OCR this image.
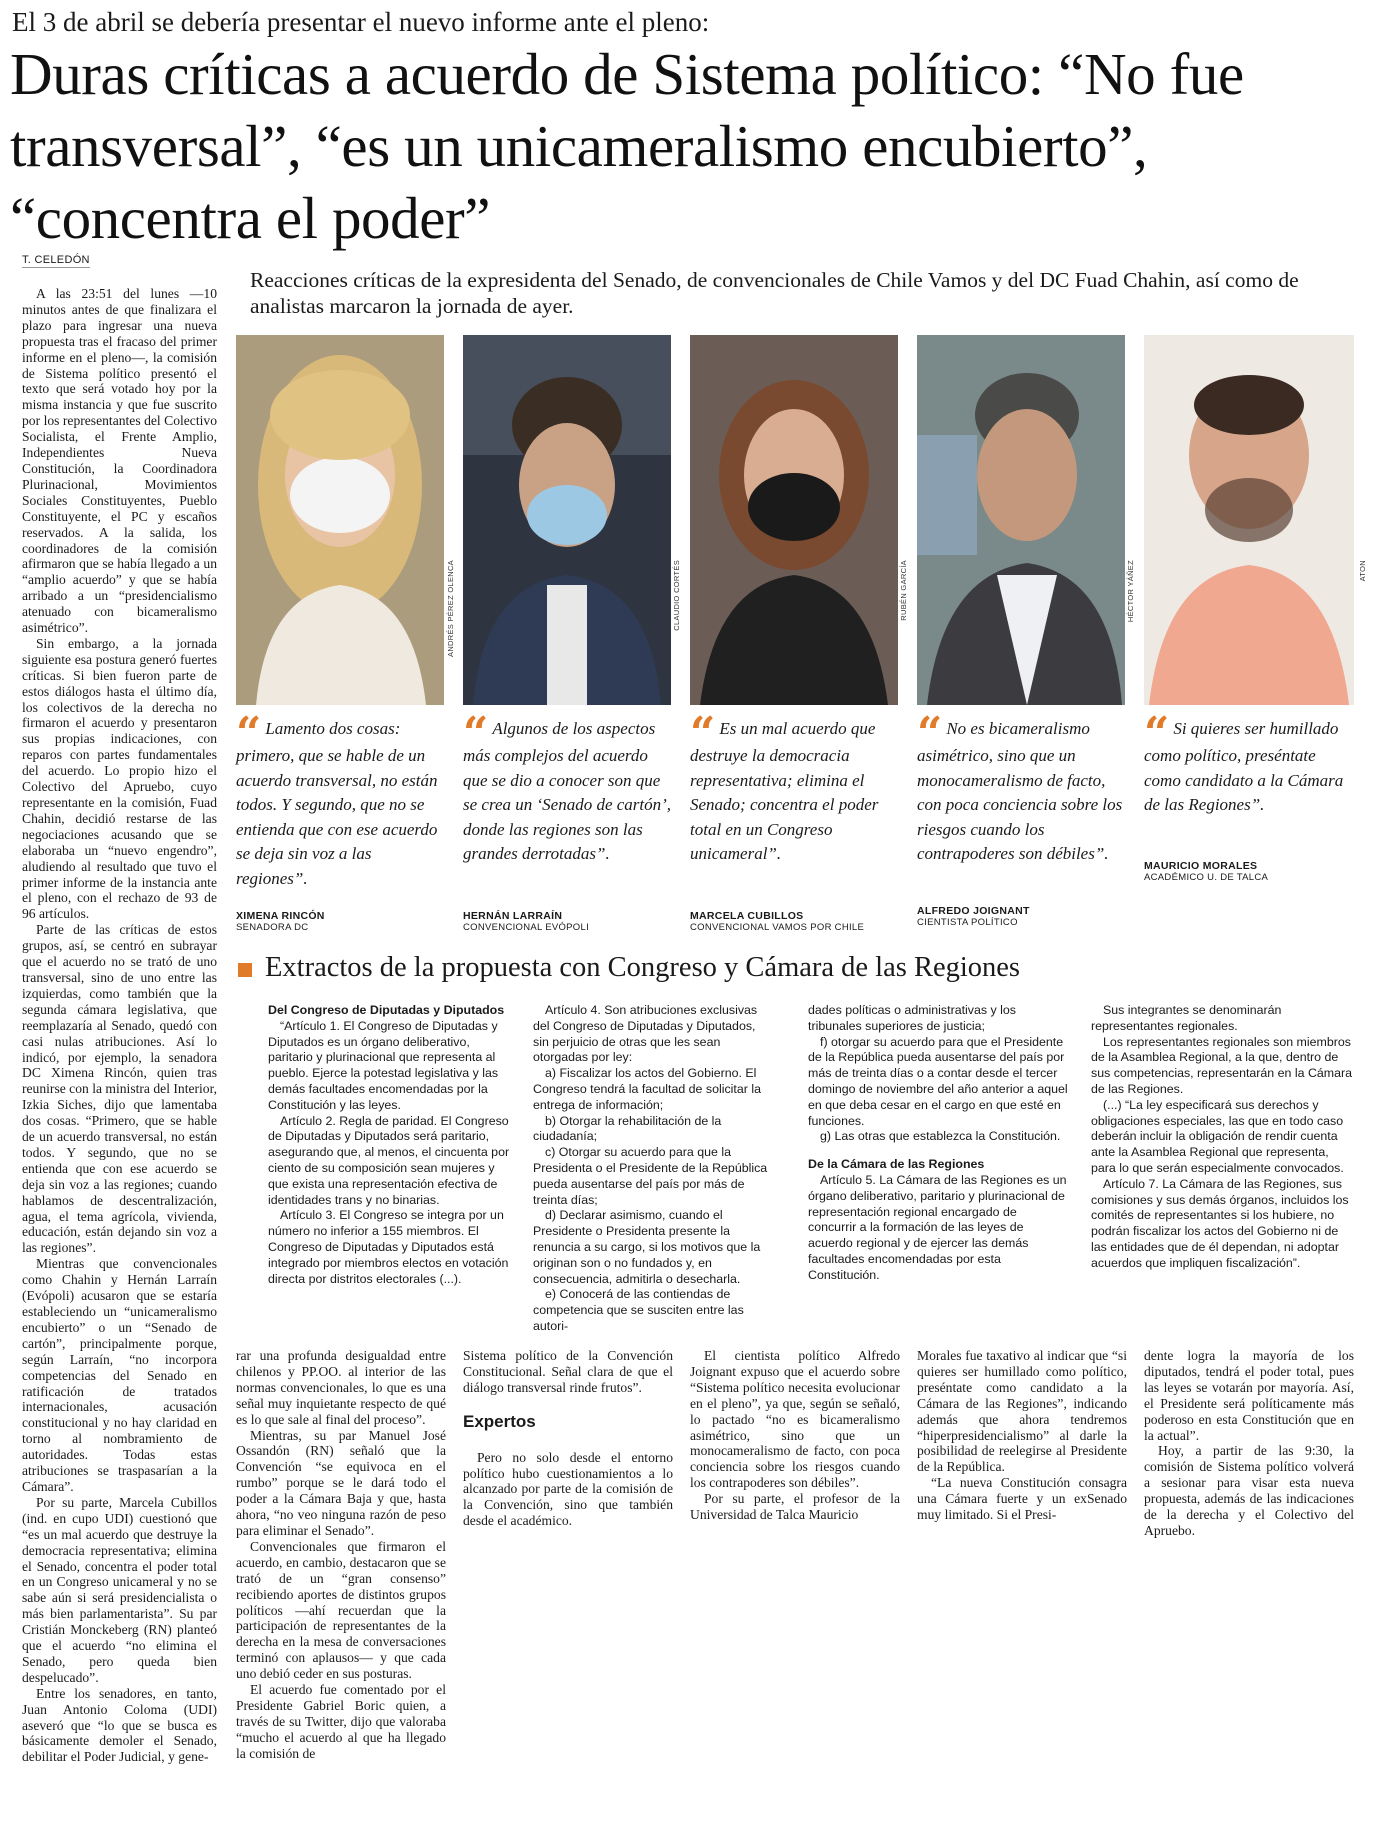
El 3 de abril se debería presentar el nuevo informe ante el pleno:
Duras críticas a acuerdo de Sistema político: “No fue transversal”, “es un unicameralismo encubierto”, “concentra el poder”
T. CELEDÓN
Reacciones críticas de la expresidenta del Senado, de convencionales de Chile Vamos y del DC Fuad Chahin, así como de analistas marcaron la jornada de ayer.

A las 23:51 del lunes —10 minutos antes de que finalizara el plazo para ingresar una nueva propuesta tras el fracaso del primer informe en el pleno—, la comisión de Sistema político presentó el texto que será votado hoy por la misma instancia y que fue suscrito por los representantes del Colectivo Socialista, el Frente Amplio, Independientes Nueva Constitución, la Coordinadora Plurinacional, Movimientos Sociales Constituyentes, Pueblo Constituyente, el PC y escaños reservados. A la salida, los coordinadores de la comisión afirmaron que se había llegado a un “amplio acuerdo” y que se había arribado a un “presidencialismo atenuado con bicameralismo asimétrico”.

Sin embargo, a la jornada siguiente esa postura generó fuertes críticas. Si bien fueron parte de estos diálogos hasta el último día, los colectivos de la derecha no firmaron el acuerdo y presentaron sus propias indicaciones, con reparos con partes fundamentales del acuerdo. Lo propio hizo el Colectivo del Apruebo, cuyo representante en la comisión, Fuad Chahin, decidió restarse de las negociaciones acusando que se elaboraba un “nuevo engendro”, aludiendo al resultado que tuvo el primer informe de la instancia ante el pleno, con el rechazo de 93 de 96 artículos.

Parte de las críticas de estos grupos, así, se centró en subrayar que el acuerdo no se trató de uno transversal, sino de uno entre las izquierdas, como también que la segunda cámara legislativa, que reemplazaría al Senado, quedó con casi nulas atribuciones. Así lo indicó, por ejemplo, la senadora DC Ximena Rincón, quien tras reunirse con la ministra del Interior, Izkia Siches, dijo que lamentaba dos cosas. “Primero, que se hable de un acuerdo transversal, no están todos. Y segundo, que no se entienda que con ese acuerdo se deja sin voz a las regiones; cuando hablamos de descentralización, agua, el tema agrícola, vivienda, educación, están dejando sin voz a las regiones”.

Mientras que convencionales como Chahin y Hernán Larraín (Evópoli) acusaron que se estaría estableciendo un “unicameralismo encubierto” o un “Senado de cartón”, principalmente porque, según Larraín, “no incorpora competencias del Senado en ratificación de tratados internacionales, acusación constitucional y no hay claridad en torno al nombramiento de autoridades. Todas estas atribuciones se traspasarían a la Cámara”.

Por su parte, Marcela Cubillos (ind. en cupo UDI) cuestionó que “es un mal acuerdo que destruye la democracia representativa; elimina el Senado, concentra el poder total en un Congreso unicameral y no se sabe aún si será presidencialista o más bien parlamentarista”. Su par Cristián Monckeberg (RN) planteó que el acuerdo “no elimina el Senado, pero queda bien despelucado”.

Entre los senadores, en tanto, Juan Antonio Coloma (UDI) aseveró que “lo que se busca es básicamente demoler el Senado, debilitar el Poder Judicial, y gene-

ANDRÉS PÉREZ OLENCA	CLAUDIO CORTÉS	RUBÉN GARCÍA	HÉCTOR YÁÑEZ	ATON
“ Lamento dos cosas: primero, que se hable de un acuerdo transversal, no están todos. Y segundo, que no se entienda que con ese acuerdo se deja sin voz a las regiones”.
XIMENA RINCÓN
SENADORA DC
“ Algunos de los aspectos más complejos del acuerdo que se dio a conocer son que se crea un ‘Senado de cartón’, donde las regiones son las grandes derrotadas”.
HERNÁN LARRAÍN
CONVENCIONAL EVÓPOLI
“ Es un mal acuerdo que destruye la democracia representativa; elimina el Senado; concentra el poder total en un Congreso unicameral”.
MARCELA CUBILLOS
CONVENCIONAL VAMOS POR CHILE
“ No es bicameralismo asimétrico, sino que un monocameralismo de facto, con poca conciencia sobre los riesgos cuando los contrapoderes son débiles”.
ALFREDO JOIGNANT
CIENTISTA POLÍTICO
“ Si quieres ser humillado como político, preséntate como candidato a la Cámara de las Regiones”.
MAURICIO MORALES
ACADÉMICO U. DE TALCA
Extractos de la propuesta con Congreso y Cámara de las Regiones

Del Congreso de Diputadas y Diputados

“Artículo 1. El Congreso de Diputadas y Diputados es un órgano deliberativo, paritario y plurinacional que representa al pueblo. Ejerce la potestad legislativa y las demás facultades encomendadas por la Constitución y las leyes.

Artículo 2. Regla de paridad. El Congreso de Diputadas y Diputados será paritario, asegurando que, al menos, el cincuenta por ciento de su composición sean mujeres y que exista una representación efectiva de identidades trans y no binarias.

Artículo 3. El Congreso se integra por un número no inferior a 155 miembros. El Congreso de Diputadas y Diputados está integrado por miembros electos en votación directa por distritos electorales (...).

Artículo 4. Son atribuciones exclusivas del Congreso de Diputadas y Diputados, sin perjuicio de otras que les sean otorgadas por ley:

a) Fiscalizar los actos del Gobierno. El Congreso tendrá la facultad de solicitar la entrega de información;

b) Otorgar la rehabilitación de la ciudadanía;

c) Otorgar su acuerdo para que la Presidenta o el Presidente de la República pueda ausentarse del país por más de treinta días;

d) Declarar asimismo, cuando el Presidente o Presidenta presente la renuncia a su cargo, si los motivos que la originan son o no fundados y, en consecuencia, admitirla o desecharla.

e) Conocerá de las contiendas de competencia que se susciten entre las autori-

dades políticas o administrativas y los tribunales superiores de justicia;

f) otorgar su acuerdo para que el Presidente de la República pueda ausentarse del país por más de treinta días o a contar desde el tercer domingo de noviembre del año anterior a aquel en que deba cesar en el cargo en que esté en funciones.

g) Las otras que establezca la Constitución.

De la Cámara de las Regiones

Artículo 5. La Cámara de las Regiones es un órgano deliberativo, paritario y plurinacional de representación regional encargado de concurrir a la formación de las leyes de acuerdo regional y de ejercer las demás facultades encomendadas por esta Constitución.

Sus integrantes se denominarán representantes regionales.

Los representantes regionales son miembros de la Asamblea Regional, a la que, dentro de sus competencias, representarán en la Cámara de las Regiones.

(...) “La ley especificará sus derechos y obligaciones especiales, las que en todo caso deberán incluir la obligación de rendir cuenta ante la Asamblea Regional que representa, para lo que serán especialmente convocados.

Artículo 7. La Cámara de las Regiones, sus comisiones y sus demás órganos, incluidos los comités de representantes si los hubiere, no podrán fiscalizar los actos del Gobierno ni de las entidades que de él dependan, ni adoptar acuerdos que impliquen fiscalización”.

rar una profunda desigualdad entre chilenos y PP.OO. al interior de las normas convencionales, lo que es una señal muy inquietante respecto de qué es lo que sale al final del proceso”.

Mientras, su par Manuel José Ossandón (RN) señaló que la Convención “se equivoca en el rumbo” porque se le dará todo el poder a la Cámara Baja y que, hasta ahora, “no veo ninguna razón de peso para eliminar el Senado”.

Convencionales que firmaron el acuerdo, en cambio, destacaron que se trató de un “gran consenso” recibiendo aportes de distintos grupos políticos —ahí recuerdan que la participación de representantes de la derecha en la mesa de conversaciones terminó con aplausos— y que cada uno debió ceder en sus posturas.

El acuerdo fue comentado por el Presidente Gabriel Boric quien, a través de su Twitter, dijo que valoraba “mucho el acuerdo al que ha llegado la comisión de

Sistema político de la Convención Constitucional. Señal clara de que el diálogo transversal rinde frutos”.

Expertos

Pero no solo desde el entorno político hubo cuestionamientos a lo alcanzado por parte de la comisión de la Convención, sino que también desde el académico.

El cientista político Alfredo Joignant expuso que el acuerdo sobre “Sistema político necesita evolucionar en el pleno”, ya que, según se señaló, lo pactado “no es bicameralismo asimétrico, sino que un monocameralismo de facto, con poca conciencia sobre los riesgos cuando los contrapoderes son débiles”.

Por su parte, el profesor de la Universidad de Talca Mauricio

Morales fue taxativo al indicar que “si quieres ser humillado como político, preséntate como candidato a la Cámara de las Regiones”, indicando además que ahora tendremos “hiperpresidencialismo” al darle la posibilidad de reelegirse al Presidente de la República.

“La nueva Constitución consagra una Cámara fuerte y un exSenado muy limitado. Si el Presi-

dente logra la mayoría de los diputados, tendrá el poder total, pues las leyes se votarán por mayoría. Así, el Presidente será políticamente más poderoso en esta Constitución que en la actual”.

Hoy, a partir de las 9:30, la comisión de Sistema político volverá a sesionar para visar esta nueva propuesta, además de las indicaciones de la derecha y el Colectivo del Apruebo.
